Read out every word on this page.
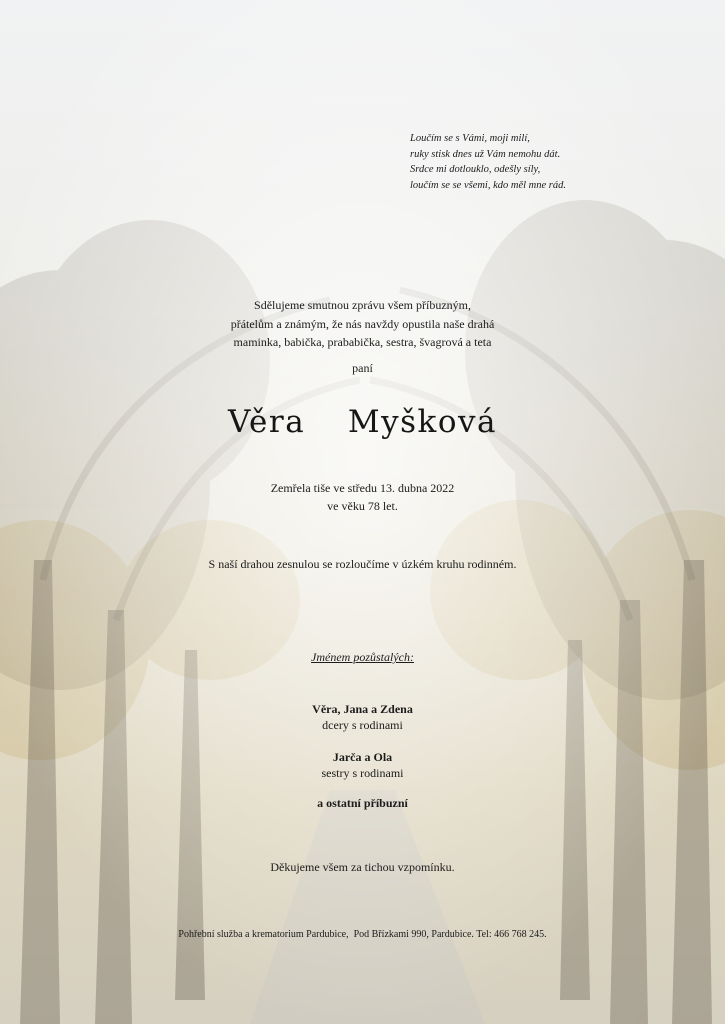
Loučím se s Vámi, moji milí,
ruky stisk dnes už Vám nemohu dát.
Srdce mi dotlouklo, odešly síly,
loučím se se všemi, kdo měl mne rád.
Sdělujeme smutnou zprávu všem příbuzným,
přátelům a známým, že nás navždy opustila naše drahá
maminka, babička, prababička, sestra, švagrová a teta
paní
Věra  Myšková
Zemřela tiše ve středu 13. dubna 2022
ve věku 78 let.
S naší drahou zesnulou se rozloučíme v úzkém kruhu rodinném.
Jménem pozůstalých:
Věra, Jana a Zdena
dcery s rodinami
Jarča a Ola
sestry s rodinami
a ostatní příbuzní
Děkujeme všem za tichou vzpomínku.
Pohřební služba a krematorium Pardubice,  Pod Břízkami 990, Pardubice. Tel: 466 768 245.
